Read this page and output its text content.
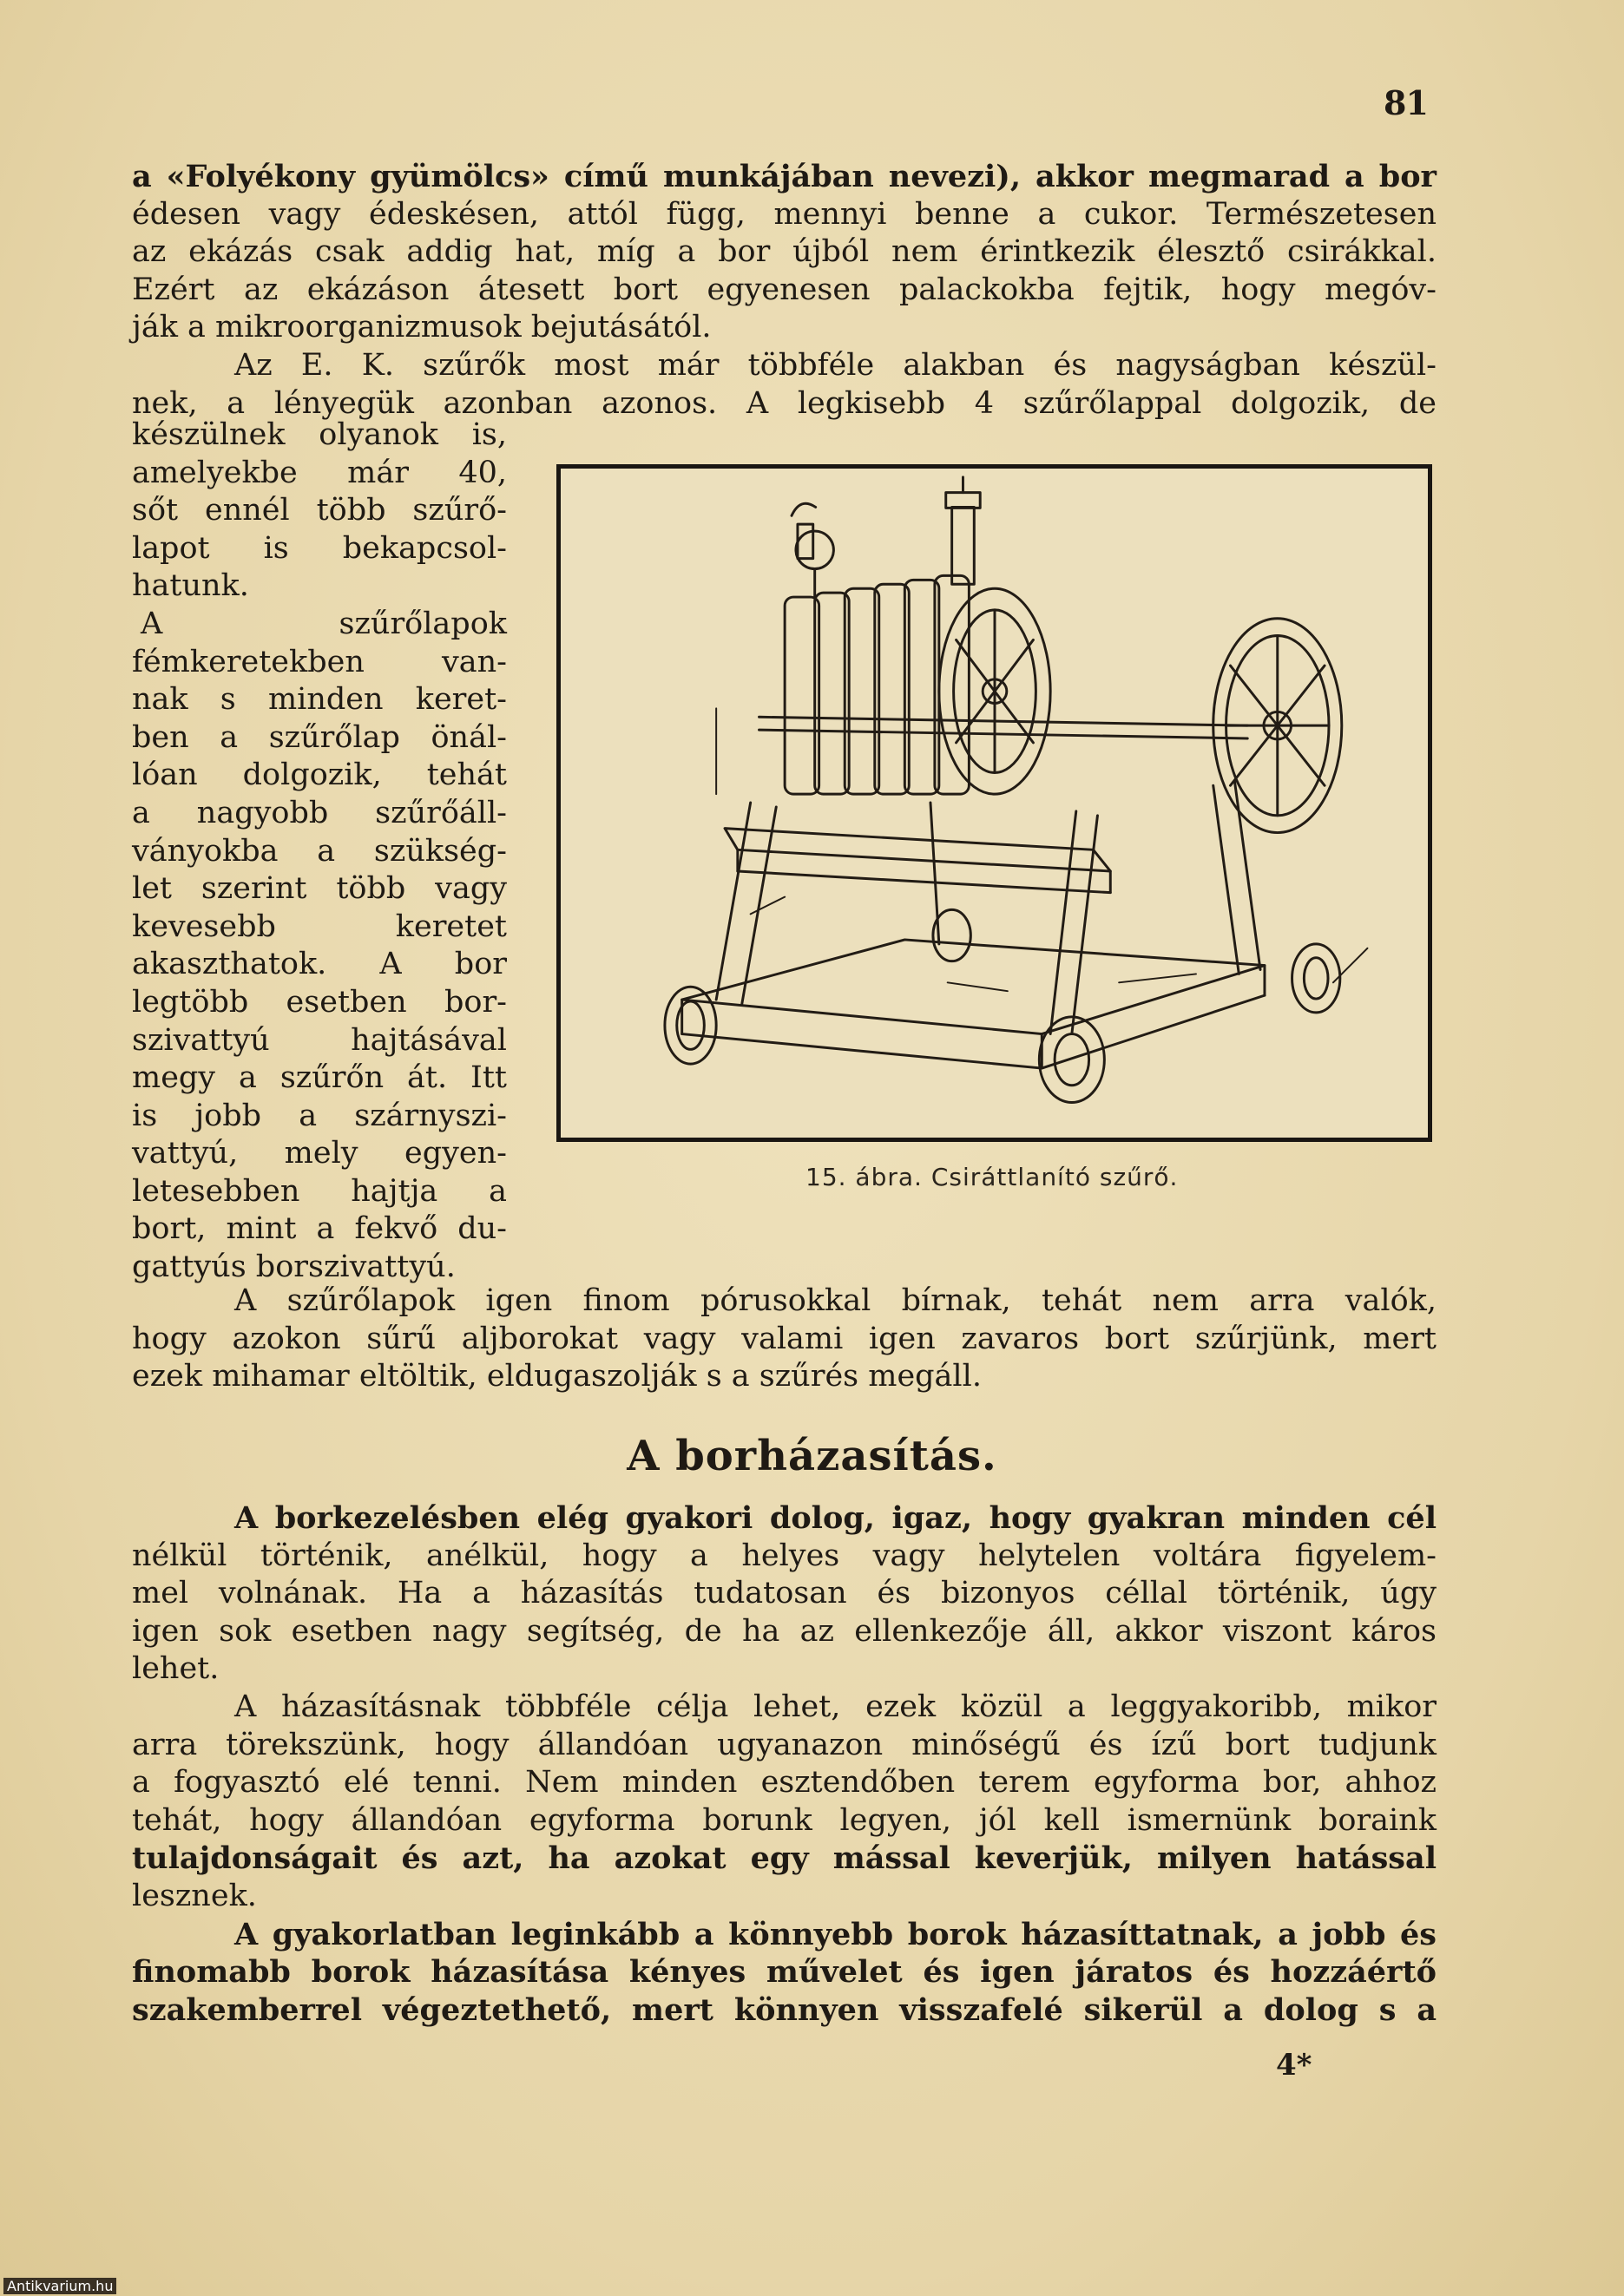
81
a «Folyékony gyümölcs» című munkájában nevezi), akkor megmarad a bor
édesen vagy édeskésen, attól függ, mennyi benne a cukor. Természetesen
az ekázás csak addig hat, míg a bor újból nem érintkezik élesztő csirákkal.
Ezért az ekázáson átesett bort egyenesen palackokba fejtik, hogy megóv-
ják a mikroorganizmusok bejutásától.
Az E. K. szűrők most már többféle alakban és nagyságban készül-
nek, a lényegük azonban azonos. A legkisebb 4 szűrőlappal dolgozik, de
készülnek olyanok is,
amelyekbe már 40,
sőt ennél több szűrő-
lapot is bekapcsol-
hatunk.
A szűrőlapok
fémkeretekben van-
nak s minden keret-
ben a szűrőlap önál-
lóan dolgozik, tehát
a nagyobb szűrőáll-
ványokba a szükség-
let szerint több vagy
kevesebb keretet
akaszthatok. A bor
legtöbb esetben bor-
szivattyú hajtásával
megy a szűrőn át. Itt
is jobb a szárnyszi-
vattyú, mely egyen-
letesebben hajtja a
bort, mint a fekvő du-
gattyús borszivattyú.
15. ábra. Csiráttlanító szűrő.
A szűrőlapok igen finom pórusokkal bírnak, tehát nem arra valók,
hogy azokon sűrű aljborokat vagy valami igen zavaros bort szűrjünk, mert
ezek mihamar eltöltik, eldugaszolják s a szűrés megáll.
A borházasítás.
A borkezelésben elég gyakori dolog, igaz, hogy gyakran minden cél
nélkül történik, anélkül, hogy a helyes vagy helytelen voltára figyelem-
mel volnának. Ha a házasítás tudatosan és bizonyos céllal történik, úgy
igen sok esetben nagy segítség, de ha az ellenkezője áll, akkor viszont káros
lehet.
A házasításnak többféle célja lehet, ezek közül a leggyakoribb, mikor
arra törekszünk, hogy állandóan ugyanazon minőségű és ízű bort tudjunk
a fogyasztó elé tenni. Nem minden esztendőben terem egyforma bor, ahhoz
tehát, hogy állandóan egyforma borunk legyen, jól kell ismernünk boraink
tulajdonságait és azt, ha azokat egy mással keverjük, milyen hatással
lesznek.
A gyakorlatban leginkább a könnyebb borok házasíttatnak, a jobb és
finomabb borok házasítása kényes művelet és igen járatos és hozzáértő
szakemberrel végeztethető, mert könnyen visszafelé sikerül a dolog s a
4*
Antikvarium.hu
